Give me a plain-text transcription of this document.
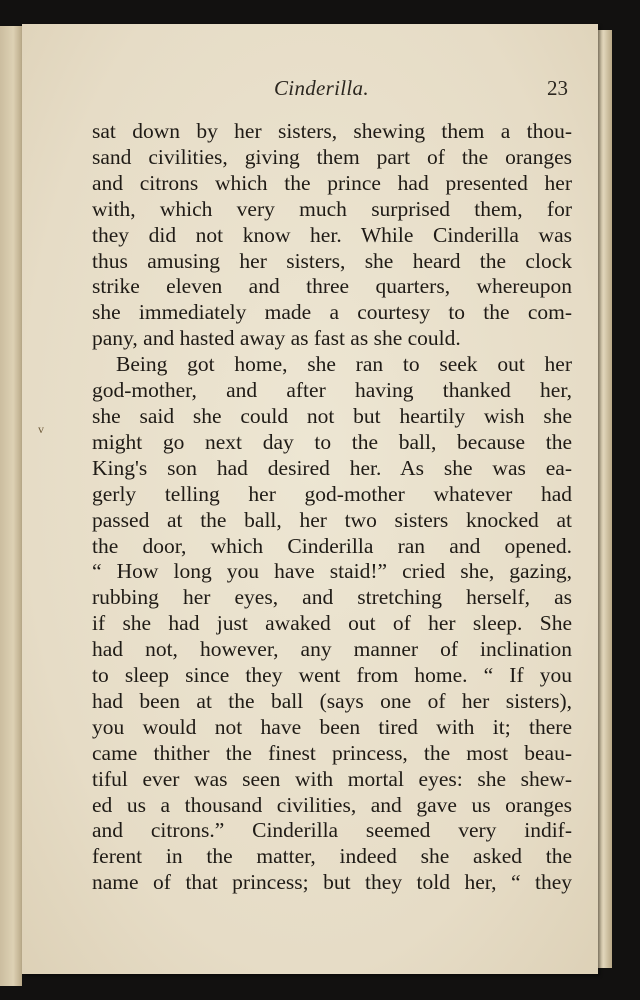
v
Cinderilla.	23
sat down by her sisters, shewing them a thou-
sand civilities, giving them part of the oranges
and citrons which the prince had presented her
with, which very much surprised them, for
they did not know her. While Cinderilla was
thus amusing her sisters, she heard the clock
strike eleven and three quarters, whereupon
she immediately made a courtesy to the com-
pany, and hasted away as fast as she could.
Being got home, she ran to seek out her
god-mother, and after having thanked her,
she said she could not but heartily wish she
might go next day to the ball, because the
King's son had desired her. As she was ea-
gerly telling her god-mother whatever had
passed at the ball, her two sisters knocked at
the door, which Cinderilla ran and opened.
“ How long you have staid!” cried she, gazing,
rubbing her eyes, and stretching herself, as
if she had just awaked out of her sleep. She
had not, however, any manner of inclination
to sleep since they went from home. “ If you
had been at the ball (says one of her sisters),
you would not have been tired with it; there
came thither the finest princess, the most beau-
tiful ever was seen with mortal eyes: she shew-
ed us a thousand civilities, and gave us oranges
and citrons.” Cinderilla seemed very indif-
ferent in the matter, indeed she asked the
name of that princess; but they told her, “ they
